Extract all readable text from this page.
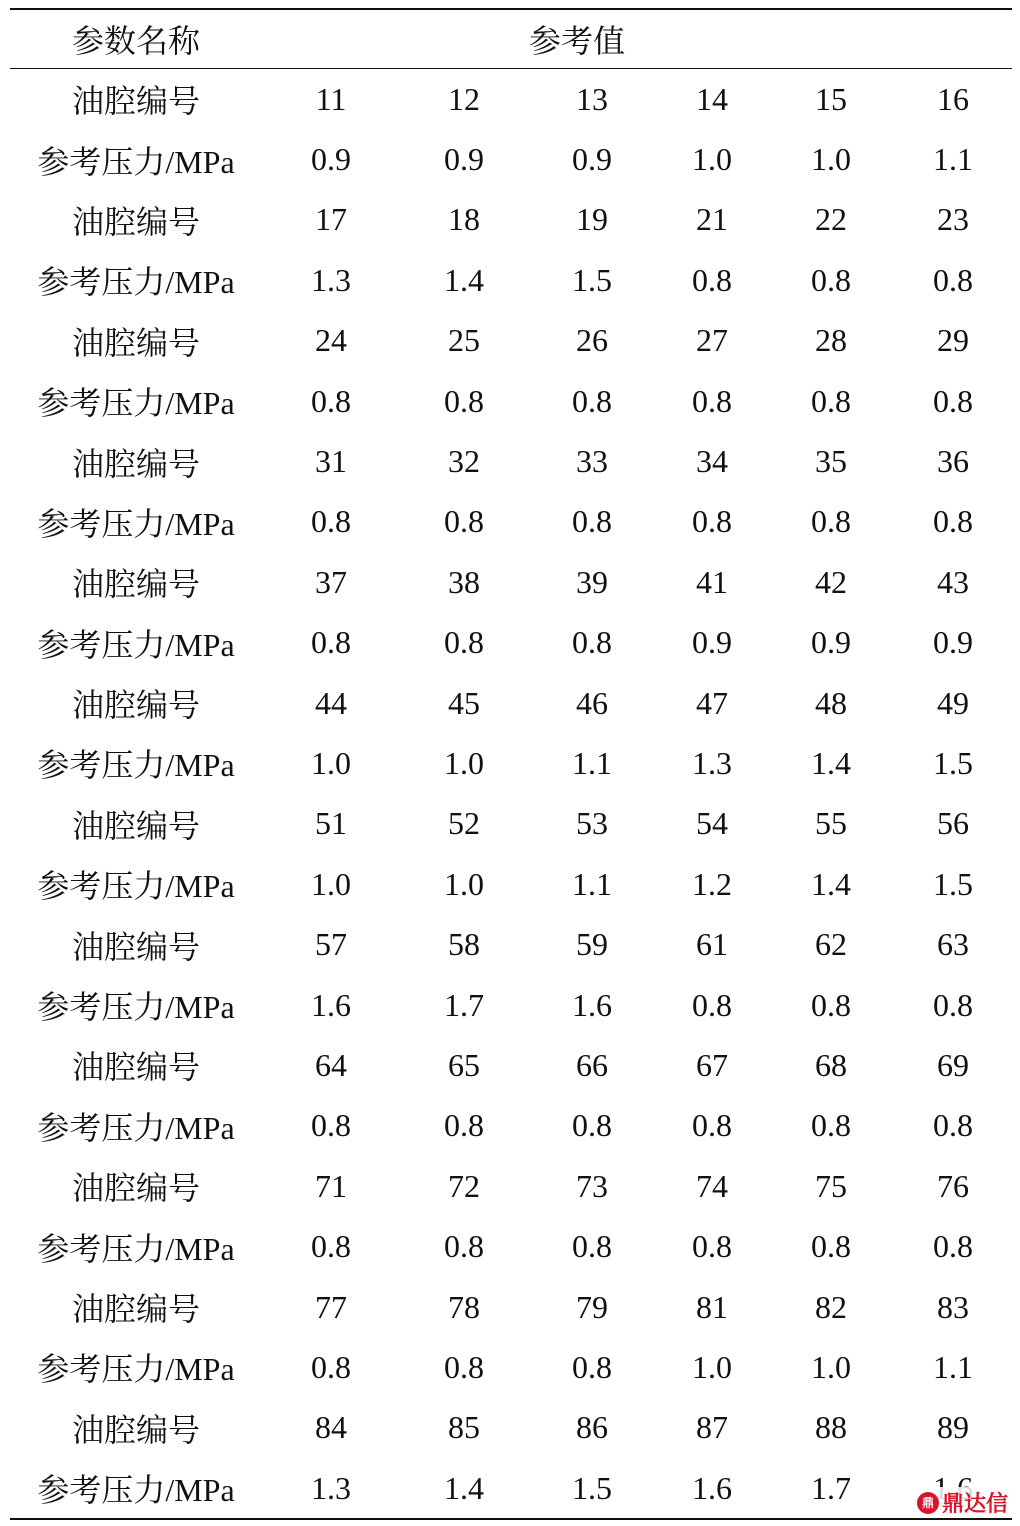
参数名称	参考值
油腔编号	11	12	13	14	15	16
参考压力/MPa	0.9	0.9	0.9	1.0	1.0	1.1
油腔编号	17	18	19	21	22	23
参考压力/MPa	1.3	1.4	1.5	0.8	0.8	0.8
油腔编号	24	25	26	27	28	29
参考压力/MPa	0.8	0.8	0.8	0.8	0.8	0.8
油腔编号	31	32	33	34	35	36
参考压力/MPa	0.8	0.8	0.8	0.8	0.8	0.8
油腔编号	37	38	39	41	42	43
参考压力/MPa	0.8	0.8	0.8	0.9	0.9	0.9
油腔编号	44	45	46	47	48	49
参考压力/MPa	1.0	1.0	1.1	1.3	1.4	1.5
油腔编号	51	52	53	54	55	56
参考压力/MPa	1.0	1.0	1.1	1.2	1.4	1.5
油腔编号	57	58	59	61	62	63
参考压力/MPa	1.6	1.7	1.6	0.8	0.8	0.8
油腔编号	64	65	66	67	68	69
参考压力/MPa	0.8	0.8	0.8	0.8	0.8	0.8
油腔编号	71	72	73	74	75	76
参考压力/MPa	0.8	0.8	0.8	0.8	0.8	0.8
油腔编号	77	78	79	81	82	83
参考压力/MPa	0.8	0.8	0.8	1.0	1.0	1.1
油腔编号	84	85	86	87	88	89
参考压力/MPa	1.3	1.4	1.5	1.6	1.7	鼎 鼎达信
